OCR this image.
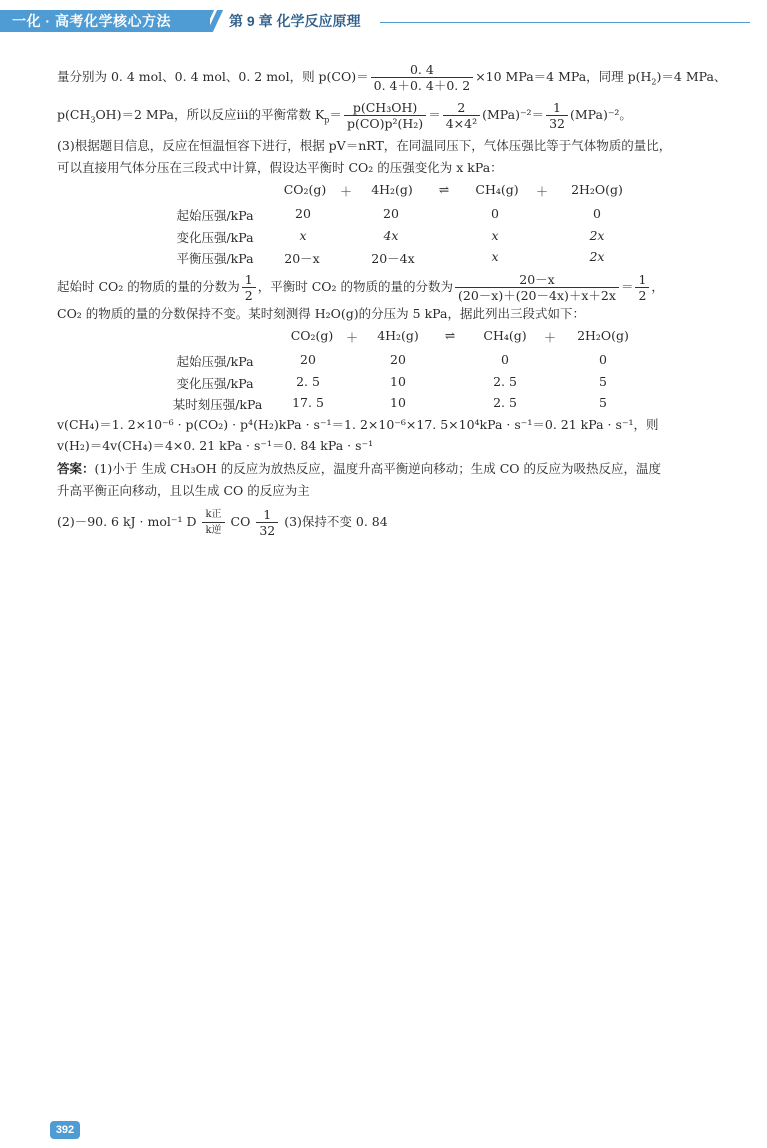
一化 · 高考化学核心方法	第 9 章 化学反应原理
量分别为 0. 4 mol、0. 4 mol、0. 2 mol，则 $p(CO)= \frac{0. 4}{0. 4+0. 4+0. 2} \times 10$ MPa＝4 MPa，同理 $p(H_2)=4$ MPa、
$p(CH_3OH)=2$ MPa，所以反应ⅲ的平衡常数 $K_p= \frac{\text{p(CH₃OH)}}{\text{p(CO)p²(H₂)}} = \frac{2}{\text{4×4²}} (MPa)^{-2}= \frac{1}{32} (MPa)^{-2}$。
(3)根据题目信息，反应在恒温恒容下进行，根据 pV＝nRT，在同温同压下，气体压强比等于气体物质的量比，
可以直接用气体分压在三段式中计算，假设达平衡时 CO₂ 的压强变化为 x kPa：
CO₂(g)	＋	4H₂(g)	⇌	CH₄(g)	＋	2H₂O(g)
起始压强/kPa	20	20	0	0
变化压强/kPa	x	4x	x	2x
平衡压强/kPa	20－x	20－4x	x	2x
起始时 CO₂ 的物质的量的分数为 $\frac{1}{2}$ ，平衡时 CO₂ 的物质的量的分数为 $\frac{20-x}{(20-x)+(20-4x)+x+2x} = \frac{1}{2}$ ，
CO₂ 的物质的量的分数保持不变。某时刻测得 H₂O(g)的分压为 5 kPa，据此列出三段式如下：
CO₂(g) ＋	4H₂(g)	⇌	CH₄(g)	＋	2H₂O(g)
起始压强/kPa	20	20	0	0
变化压强/kPa	2. 5	10	2. 5	5
某时刻压强/kPa	17. 5	10	2. 5	5
v(CH₄)＝1. 2×10⁻⁶ · p(CO₂) · p⁴(H₂)kPa · s⁻¹＝1. 2×10⁻⁶×17. 5×10⁴kPa · s⁻¹＝0. 21 kPa · s⁻¹，则
v(H₂)＝4v(CH₄)＝4×0. 21 kPa · s⁻¹＝0. 84 kPa · s⁻¹
答案：(1)小于 生成 CH₃OH 的反应为放热反应，温度升高平衡逆向移动；生成 CO 的反应为吸热反应，温度
升高平衡正向移动，且以生成 CO 的反应为主
(2)－90. 6 kJ · mol⁻¹ D $\frac{\text{k正}}{\text{k逆}}$ CO $\frac{1}{32} (3)$保持不变 0. 84
392
